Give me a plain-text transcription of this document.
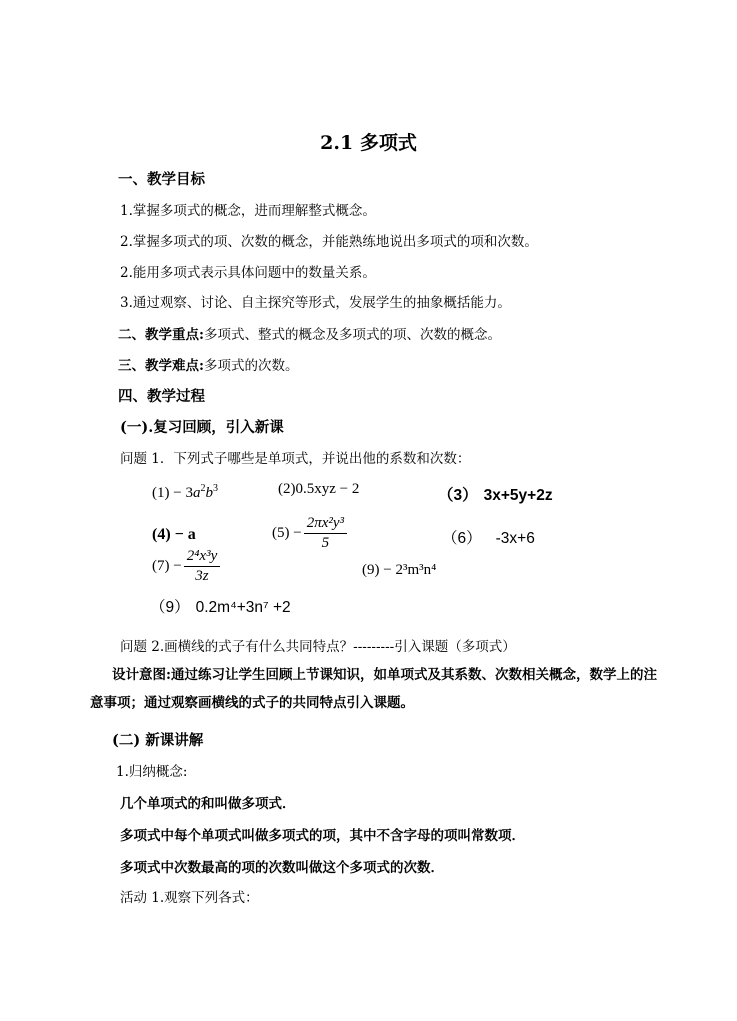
2.1 多项式
一、教学目标
1.掌握多项式的概念，进而理解整式概念。
2.掌握多项式的项、次数的概念，并能熟练地说出多项式的项和次数。
2.能用多项式表示具体问题中的数量关系。
3.通过观察、讨论、自主探究等形式，发展学生的抽象概括能力。
二、教学重点:多项式、整式的概念及多项式的项、次数的概念。
三、教学难点:多项式的次数。
四、教学过程
(一).复习回顾，引入新课
问题 1．下列式子哪些是单项式，并说出他的系数和次数：
$(1) - 3a^2b^3$	(2)0.5xyz − 2	（3） 3x+5y+2z
(4) − a	$(5) - \frac{\text{2πx²y³}}{5}$	（6） -3x+6
$(7) - \frac{\text{2⁴x³y}}{3z}$	(9) − 2³m³n⁴
（9） 0.2m⁴+3n⁷ +2
问题 2.画横线的式子有什么共同特点？---------引入课题（多项式）
设计意图:通过练习让学生回顾上节课知识，如单项式及其系数、次数相关概念，数学上的注意事项；通过观察画横线的式子的共同特点引入课题。
(二) 新课讲解
1.归纳概念:
几个单项式的和叫做多项式．
多项式中每个单项式叫做多项式的项，其中不含字母的项叫常数项．
多项式中次数最高的项的次数叫做这个多项式的次数．
活动 1.观察下列各式：
